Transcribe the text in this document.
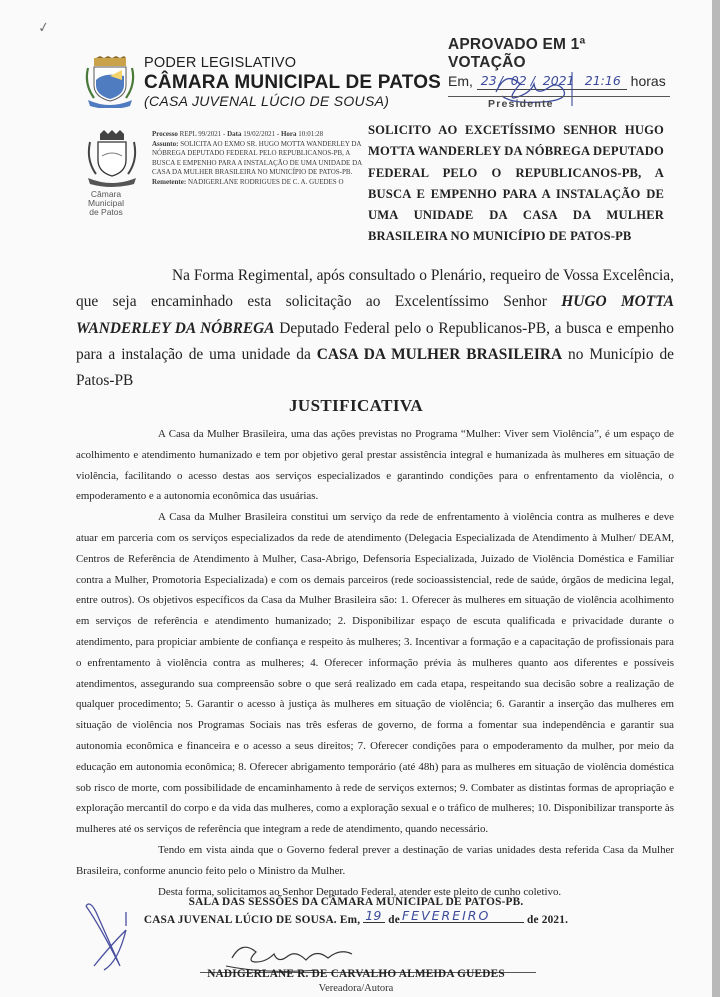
✓
PODER LEGISLATIVO
CÂMARA MUNICIPAL DE PATOS
(CASA JUVENAL LÚCIO DE SOUSA)
APROVADO EM 1ª VOTAÇÃO
Em, 23 / 02 / 2021 21:16 horas
Presidente
Câmara Municipal
de Patos
Processo REPL 99/2021 - Data 19/02/2021 - Hora 10:01:28
Assunto: SOLICITA AO EXMO SR. HUGO MOTTA WANDERLEY DA NÓBREGA DEPUTADO FEDERAL PELO REPUBLICANOS-PB, A BUSCA E EMPENHO PARA A INSTALAÇÃO DE UMA UNIDADE DA CASA DA MULHER BRASILEIRA NO MUNICÍPIO DE PATOS-PB.
Remetente: NADIGERLANE RODRIGUES DE C. A. GUEDES O
SOLICITO AO EXCETÍSSIMO SENHOR HUGO MOTTA WANDERLEY DA NÓBREGA DEPUTADO FEDERAL PELO O REPUBLICANOS-PB, A BUSCA E EMPENHO PARA A INSTALAÇÃO DE UMA UNIDADE DA CASA DA MULHER BRASILEIRA NO MUNICÍPIO DE PATOS-PB
Na Forma Regimental, após consultado o Plenário, requeiro de Vossa Excelência, que seja encaminhado esta solicitação ao Excelentíssimo Senhor HUGO MOTTA WANDERLEY DA NÓBREGA Deputado Federal pelo o Republicanos-PB, a busca e empenho para a instalação de uma unidade da CASA DA MULHER BRASILEIRA no Município de Patos-PB
JUSTIFICATIVA

A Casa da Mulher Brasileira, uma das ações previstas no Programa “Mulher: Viver sem Violência”, é um espaço de acolhimento e atendimento humanizado e tem por objetivo geral prestar assistência integral e humanizada às mulheres em situação de violência, facilitando o acesso destas aos serviços especializados e garantindo condições para o enfrentamento da violência, o empoderamento e a autonomia econômica das usuárias.

A Casa da Mulher Brasileira constitui um serviço da rede de enfrentamento à violência contra as mulheres e deve atuar em parceria com os serviços especializados da rede de atendimento (Delegacia Especializada de Atendimento à Mulher/ DEAM, Centros de Referência de Atendimento à Mulher, Casa-Abrigo, Defensoria Especializada, Juizado de Violência Doméstica e Familiar contra a Mulher, Promotoria Especializada) e com os demais parceiros (rede socioassistencial, rede de saúde, órgãos de medicina legal, entre outros). Os objetivos específicos da Casa da Mulher Brasileira são: 1. Oferecer às mulheres em situação de violência acolhimento em serviços de referência e atendimento humanizado; 2. Disponibilizar espaço de escuta qualificada e privacidade durante o atendimento, para propiciar ambiente de confiança e respeito às mulheres; 3. Incentivar a formação e a capacitação de profissionais para o enfrentamento à violência contra as mulheres; 4. Oferecer informação prévia às mulheres quanto aos diferentes e possíveis atendimentos, assegurando sua compreensão sobre o que será realizado em cada etapa, respeitando sua decisão sobre a realização de qualquer procedimento; 5. Garantir o acesso à justiça às mulheres em situação de violência; 6. Garantir a inserção das mulheres em situação de violência nos Programas Sociais nas três esferas de governo, de forma a fomentar sua independência e garantir sua autonomia econômica e financeira e o acesso a seus direitos; 7. Oferecer condições para o empoderamento da mulher, por meio da educação em autonomia econômica; 8. Oferecer abrigamento temporário (até 48h) para as mulheres em situação de violência doméstica sob risco de morte, com possibilidade de encaminhamento à rede de serviços externos; 9. Combater as distintas formas de apropriação e exploração mercantil do corpo e da vida das mulheres, como a exploração sexual e o tráfico de mulheres; 10. Disponibilizar transporte às mulheres até os serviços de referência que integram a rede de atendimento, quando necessário.

Tendo em vista ainda que o Governo federal prever a destinação de varias unidades desta referida Casa da Mulher Brasileira, conforme anuncio feito pelo o Ministro da Mulher.

Desta forma, solicitamos ao Senhor Deputado Federal, atender este pleito de cunho coletivo.

SALA DAS SESSÕES DA CÂMARA MUNICIPAL DE PATOS-PB.
CASA JUVENAL LÚCIO DE SOUSA. Em, 19 de FEVEREIRO	de 2021.
NADIGERLANE R. DE CARVALHO ALMEIDA GUEDES
Vereadora/Autora
